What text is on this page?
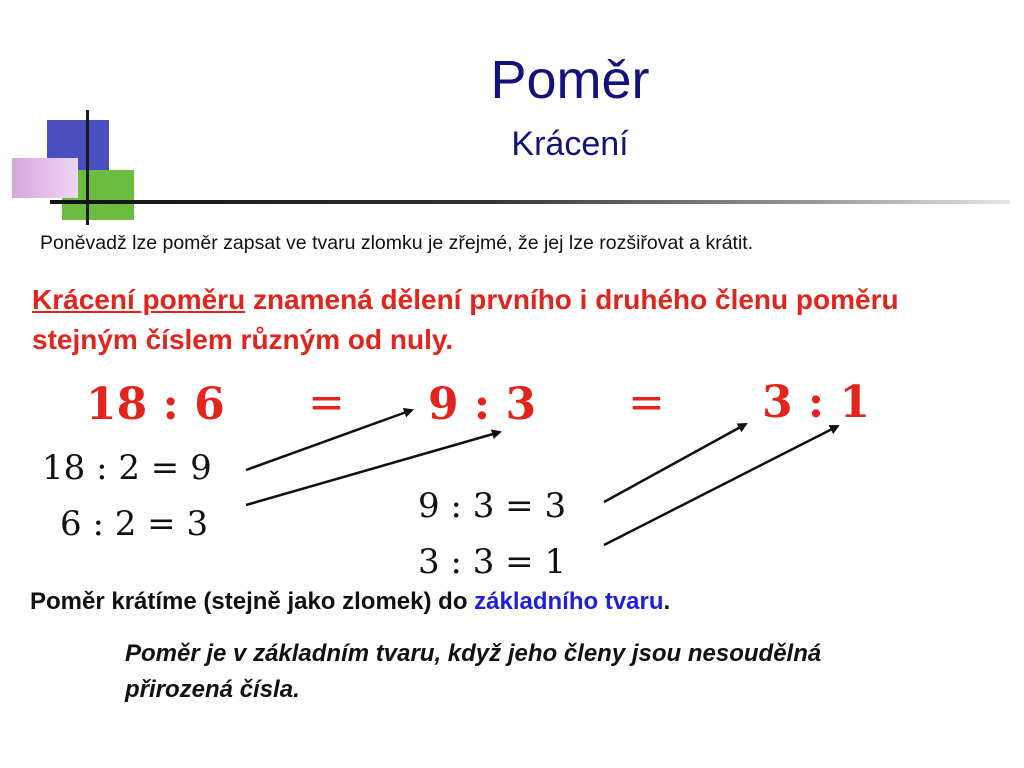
Poměr
Krácení
Poněvadž lze poměr zapsat ve tvaru zlomku je zřejmé, že jej lze rozšiřovat a krátit.
Krácení poměru znamená dělení prvního i druhého členu poměru stejným číslem různým od nuly.
18 : 6 = 9 : 3 = 3 : 1
18 : 2 = 9
6 : 2 = 3	9 : 3 = 3
3 : 3 = 1
Poměr krátíme (stejně jako zlomek) do základního tvaru.
Poměr je v základním tvaru, když jeho členy jsou nesoudělná přirozená čísla.
